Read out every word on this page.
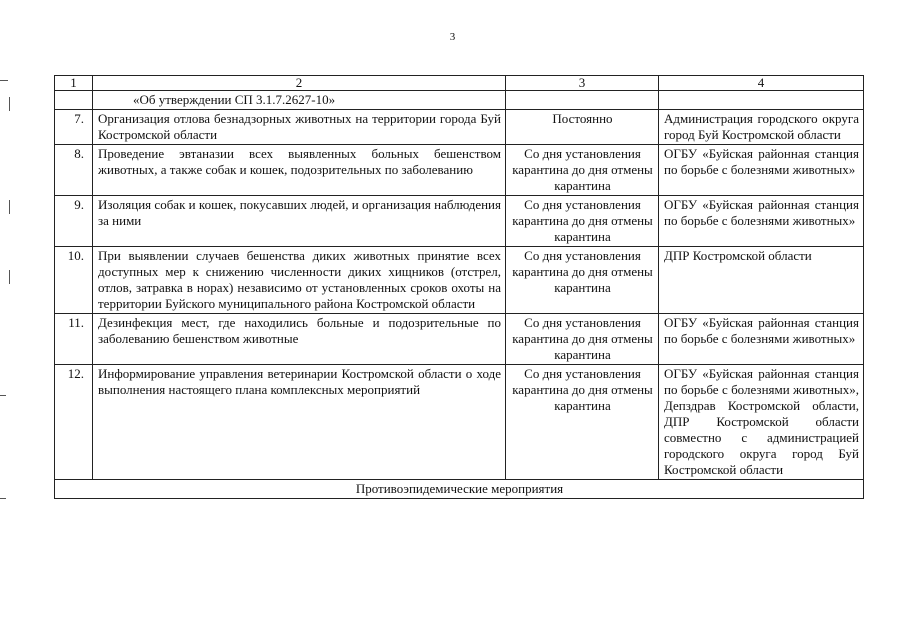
3
1	2	3	4
	«Об утверждении СП 3.1.7.2627-10»		
7.	Организация отлова безнадзорных животных на территории города Буй Костромской области	Постоянно	Администрация городского округа город Буй Костромской области
8.	Проведение эвтаназии всех выявленных больных бешенством животных, а также собак и кошек, подозрительных по заболеванию	Со дня установления карантина до дня отмены карантина	ОГБУ «Буйская районная станция по борьбе с болезнями животных»
9.	Изоляция собак и кошек, покусавших людей, и организация наблюдения за ними	Со дня установления карантина до дня отмены карантина	ОГБУ «Буйская районная станция по борьбе с болезнями животных»
10.	При выявлении случаев бешенства диких животных принятие всех доступных мер к снижению численности диких хищников (отстрел, отлов, затравка в норах) независимо от установленных сроков охоты на территории Буйского муниципального района Костромской области	Со дня установления карантина до дня отмены карантина	ДПР Костромской области
11.	Дезинфекция мест, где находились больные и подозрительные по заболеванию бешенством животные	Со дня установления карантина до дня отмены карантина	ОГБУ «Буйская районная станция по борьбе с болезнями животных»
12.	Информирование управления ветеринарии Костромской области о ходе выполнения настоящего плана комплексных мероприятий	Со дня установления карантина до дня отмены карантина	ОГБУ «Буйская районная станция по борьбе с болезнями животных», Депздрав Костромской области, ДПР Костромской области совместно с администрацией городского округа город Буй Костромской области
Противоэпидемические мероприятия			
